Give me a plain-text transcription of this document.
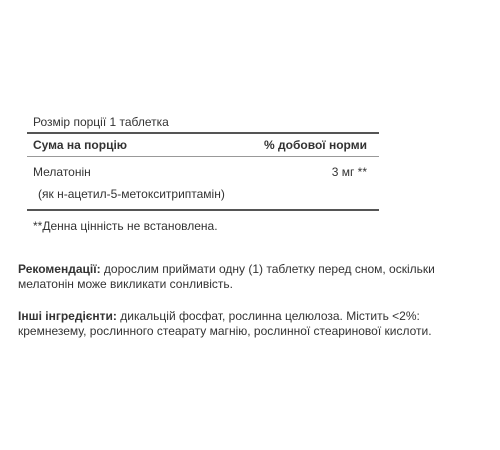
Розмір порції 1 таблетка
Сума на порцію	% добової норми
Мелатонін	3 мг **
(як н-ацетил-5-метокситриптамін)
**Денна цінність не встановлена.
Рекомендації: дорослим приймати одну (1) таблетку перед сном, оскільки мелатонін може викликати сонливість.
Інші інгредієнти: дикальцій фосфат, рослинна целюлоза. Містить <2%: кремнезему, рослинного стеарату магнію, рослинної стеаринової кислоти.
